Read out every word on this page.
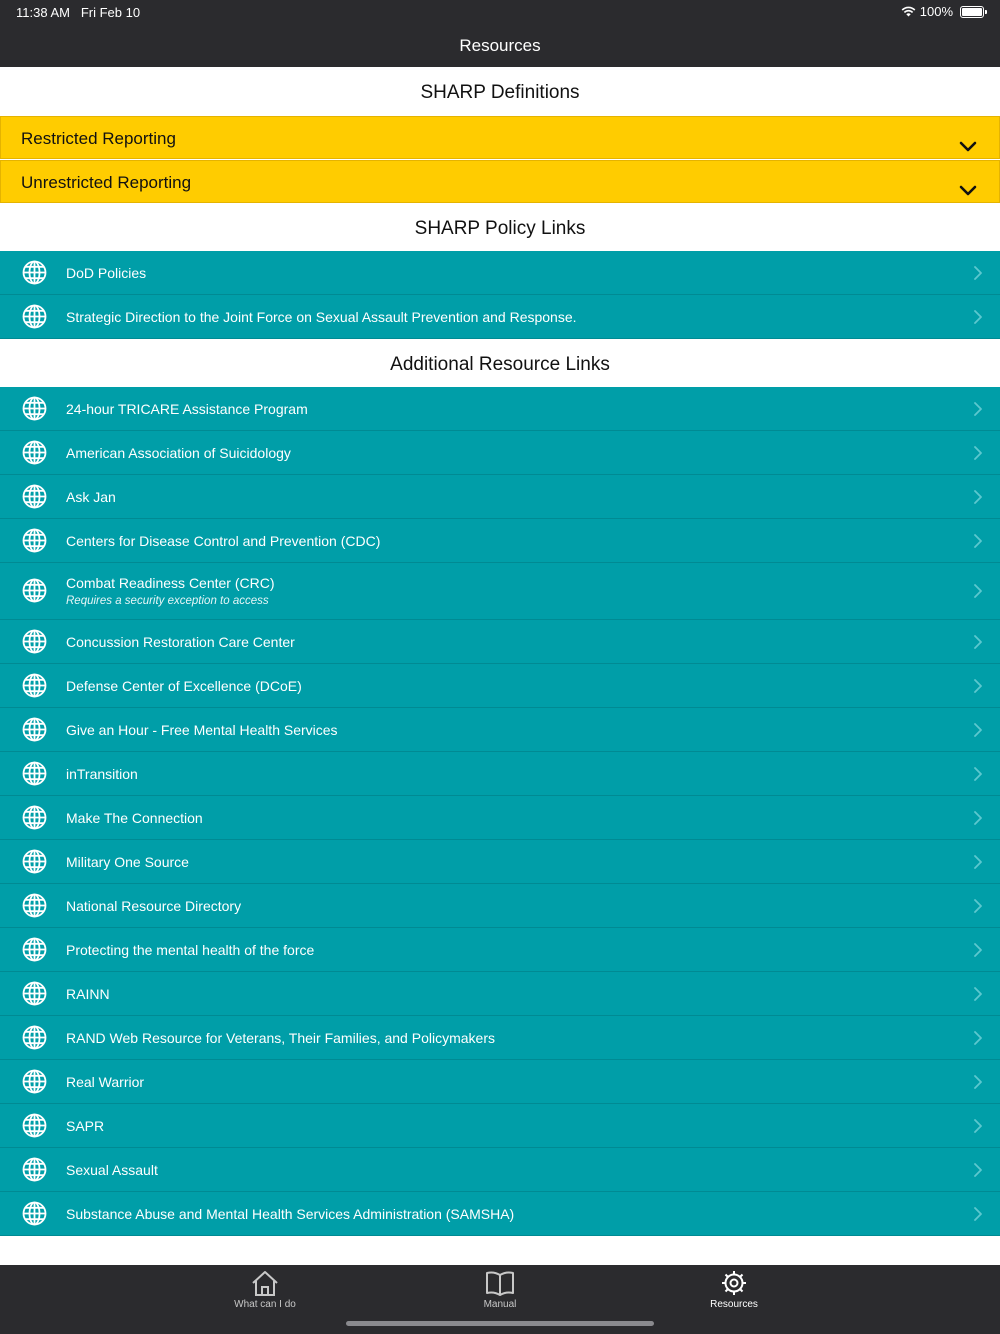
11:38 AM Fri Feb 10	100%
Resources
SHARP Definitions
Restricted Reporting
Unrestricted Reporting
SHARP Policy Links
DoD Policies
Strategic Direction to the Joint Force on Sexual Assault Prevention and Response.
Additional Resource Links
24-hour TRICARE Assistance Program
American Association of Suicidology
Ask Jan
Centers for Disease Control and Prevention (CDC)
Combat Readiness Center (CRC)
Requires a security exception to access
Concussion Restoration Care Center
Defense Center of Excellence (DCoE)
Give an Hour - Free Mental Health Services
inTransition
Make The Connection
Military One Source
National Resource Directory
Protecting the mental health of the force
RAINN
RAND Web Resource for Veterans, Their Families, and Policymakers
Real Warrior
SAPR
Sexual Assault
Substance Abuse and Mental Health Services Administration (SAMSHA)
What can I do	Manual	Resources
